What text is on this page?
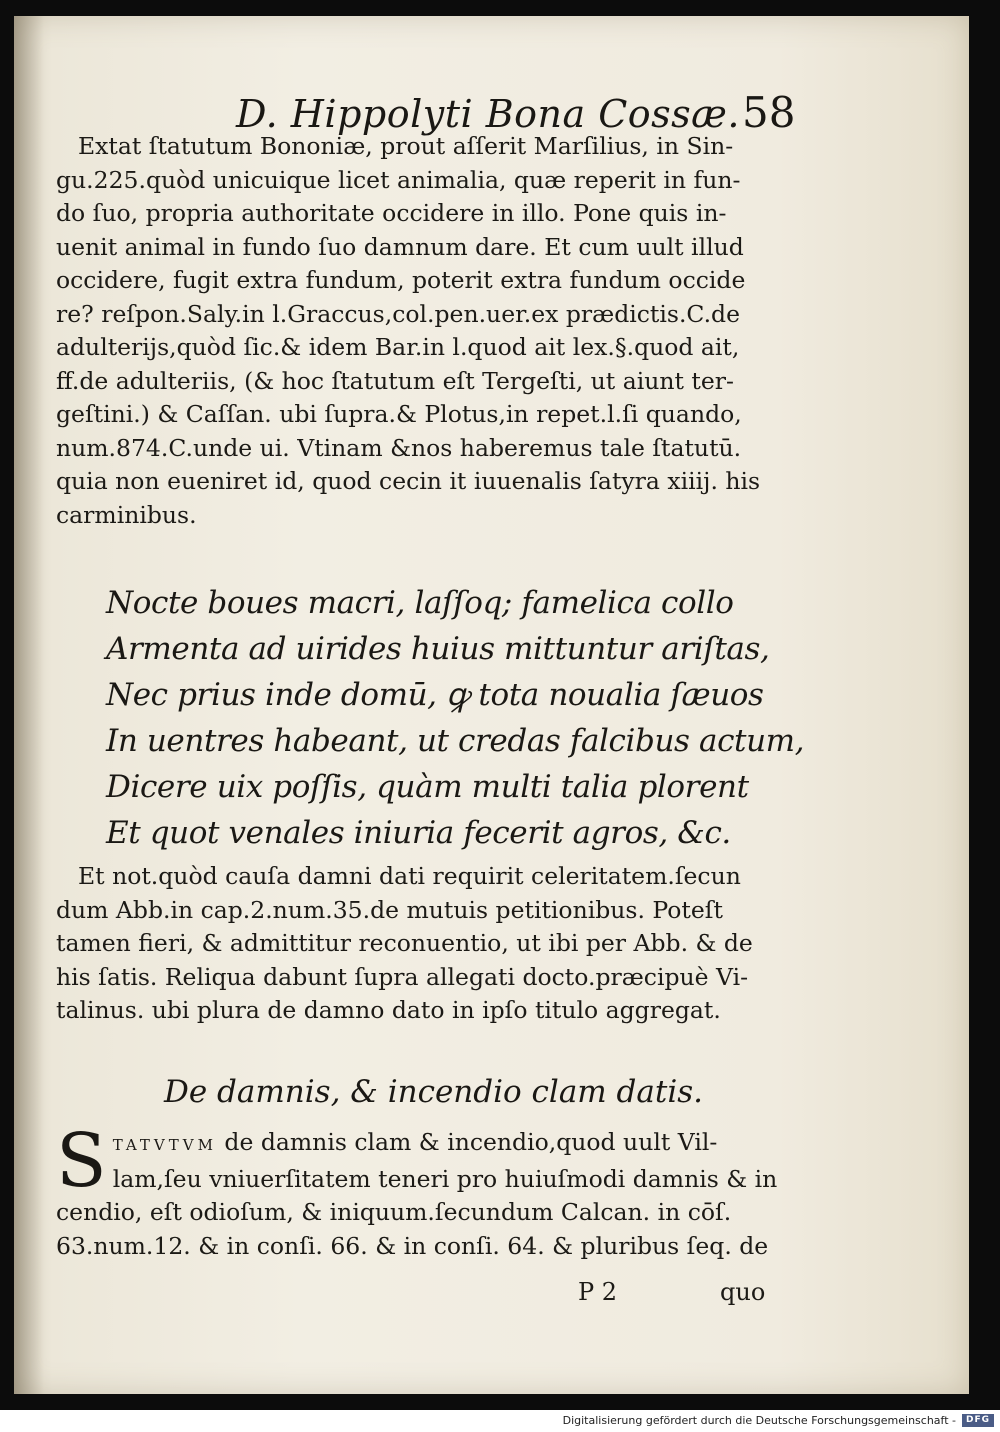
D. Hippolyti Bona Cossæ. 58
Extat ſtatutum Bononiæ, prout aſſerit Marſilius, in Sin-
gu.225.quòd unicuique licet animalia, quæ reperit in fun-
do ſuo, propria authoritate occidere in illo. Pone quis in-
uenit animal in fundo ſuo damnum dare. Et cum uult illud
occidere, fugit extra fundum, poterit extra fundum occide
re? reſpon.Saly.in l.Graccus,col.pen.uer.ex prædictis.C.de
adulterijs,quòd ſic.& idem Bar.in l.quod ait lex.§.quod ait,
ff.de adulteriis, (& hoc ſtatutum eſt Tergeſti, ut aiunt ter-
geſtini.) & Caſſan. ubi ſupra.& Plotus,in repet.l.ſi quando,
num.874.C.unde ui. Vtinam &nos haberemus tale ſtatutū.
quia non eueniret id, quod cecin it iuuenalis ſatyra xiiij. his
carminibus.
Nocte boues macri, laſſoq; famelica collo
Armenta ad uirides huius mittuntur ariſtas,
Nec prius inde domū, ꝙ tota noualia ſæuos
In uentres habeant, ut credas falcibus actum,
Dicere uix poſſis, quàm multi talia plorent
Et quot venales iniuria fecerit agros, &c.
Et not.quòd cauſa damni dati requirit celeritatem.ſecun
dum Abb.in cap.2.num.35.de mutuis petitionibus. Poteſt
tamen fieri, & admittitur reconuentio, ut ibi per Abb. & de
his ſatis. Reliqua dabunt ſupra allegati docto.præcipuè Vi-
talinus. ubi plura de damno dato in ipſo titulo aggregat.
De damnis, & incendio clam datis.
S TATVTVM de damnis clam & incendio,quod uult Vil-
lam,ſeu vniuerſitatem teneri pro huiuſmodi damnis & in
cendio, eſt odioſum, & iniquum.ſecundum Calcan. in cōſ.
63.num.12. & in conſi. 66. & in conſi. 64. & pluribus ſeq. de
P 2	quo
Digitalisierung gefördert durch die Deutsche Forschungsgemeinschaft -	DFG
